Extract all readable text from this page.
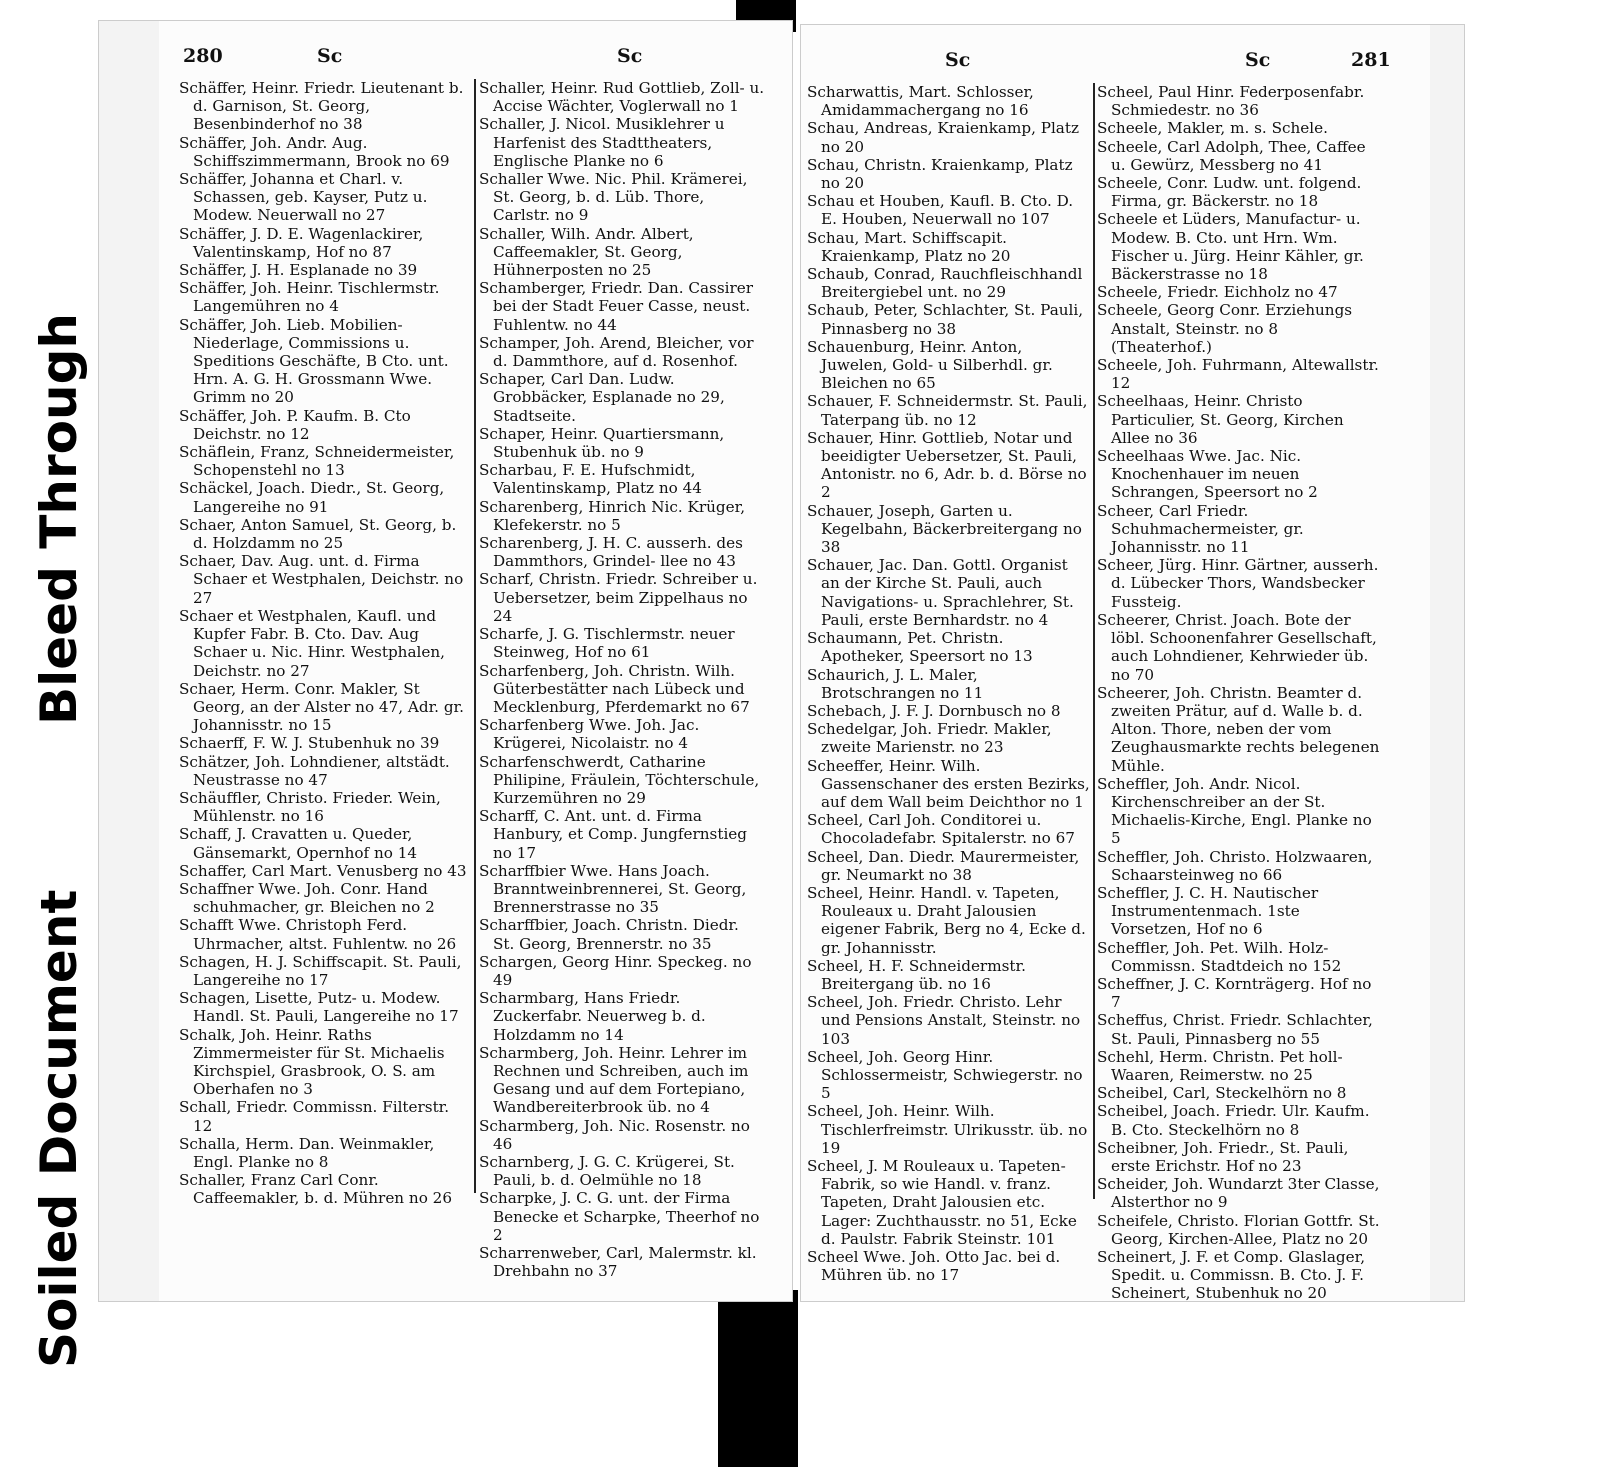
Soiled Document
Bleed Through
280	Sc	Sc

Schäffer, Heinr. Friedr. Lieutenant b. d. Garnison, St. Georg, Besenbinderhof no 38

Schäffer, Joh. Andr. Aug. Schiffszimmermann, Brook no 69

Schäffer, Johanna et Charl. v. Schassen, geb. Kayser, Putz u. Modew. Neuerwall no 27

Schäffer, J. D. E. Wagenlackirer, Valentinskamp, Hof no 87

Schäffer, J. H. Esplanade no 39

Schäffer, Joh. Heinr. Tischlermstr. Langemühren no 4

Schäffer, Joh. Lieb. Mobilien-Niederlage, Commissions u. Speditions Geschäfte, B Cto. unt. Hrn. A. G. H. Grossmann Wwe. Grimm no 20

Schäffer, Joh. P. Kaufm. B. Cto Deichstr. no 12

Schäflein, Franz, Schneidermeister, Schopenstehl no 13

Schäckel, Joach. Diedr., St. Georg, Langereihe no 91

Schaer, Anton Samuel, St. Georg, b. d. Holzdamm no 25

Schaer, Dav. Aug. unt. d. Firma Schaer et Westphalen, Deichstr. no 27

Schaer et Westphalen, Kaufl. und Kupfer Fabr. B. Cto. Dav. Aug Schaer u. Nic. Hinr. Westphalen, Deichstr. no 27

Schaer, Herm. Conr. Makler, St Georg, an der Alster no 47, Adr. gr. Johannisstr. no 15

Schaerff, F. W. J. Stubenhuk no 39

Schätzer, Joh. Lohndiener, altstädt. Neustrasse no 47

Schäuffler, Christo. Frieder. Wein, Mühlenstr. no 16

Schaff, J. Cravatten u. Queder, Gänsemarkt, Opernhof no 14

Schaffer, Carl Mart. Venusberg no 43

Schaffner Wwe. Joh. Conr. Hand schuhmacher, gr. Bleichen no 2

Schafft Wwe. Christoph Ferd. Uhrmacher, altst. Fuhlentw. no 26

Schagen, H. J. Schiffscapit. St. Pauli, Langereihe no 17

Schagen, Lisette, Putz- u. Modew. Handl. St. Pauli, Langereihe no 17

Schalk, Joh. Heinr. Raths Zimmermeister für St. Michaelis Kirchspiel, Grasbrook, O. S. am Oberhafen no 3

Schall, Friedr. Commissn. Filterstr. 12

Schalla, Herm. Dan. Weinmakler, Engl. Planke no 8

Schaller, Franz Carl Conr. Caffeemakler, b. d. Mühren no 26

Schaller, Heinr. Rud Gottlieb, Zoll- u. Accise Wächter, Voglerwall no 1

Schaller, J. Nicol. Musiklehrer u Harfenist des Stadttheaters, Englische Planke no 6

Schaller Wwe. Nic. Phil. Krämerei, St. Georg, b. d. Lüb. Thore, Carlstr. no 9

Schaller, Wilh. Andr. Albert, Caffeemakler, St. Georg, Hühnerposten no 25

Schamberger, Friedr. Dan. Cassirer bei der Stadt Feuer Casse, neust. Fuhlentw. no 44

Schamper, Joh. Arend, Bleicher, vor d. Dammthore, auf d. Rosenhof.

Schaper, Carl Dan. Ludw. Grobbäcker, Esplanade no 29, Stadtseite.

Schaper, Heinr. Quartiersmann, Stubenhuk üb. no 9

Scharbau, F. E. Hufschmidt, Valentinskamp, Platz no 44

Scharenberg, Hinrich Nic. Krüger, Klefekerstr. no 5

Scharenberg, J. H. C. ausserh. des Dammthors, Grindel- llee no 43

Scharf, Christn. Friedr. Schreiber u. Uebersetzer, beim Zippelhaus no 24

Scharfe, J. G. Tischlermstr. neuer Steinweg, Hof no 61

Scharfenberg, Joh. Christn. Wilh. Güterbestätter nach Lübeck und Mecklenburg, Pferdemarkt no 67

Scharfenberg Wwe. Joh. Jac. Krügerei, Nicolaistr. no 4

Scharfenschwerdt, Catharine Philipine, Fräulein, Töchterschule, Kurzemühren no 29

Scharff, C. Ant. unt. d. Firma Hanbury, et Comp. Jungfernstieg no 17

Scharffbier Wwe. Hans Joach. Branntweinbrennerei, St. Georg, Brennerstrasse no 35

Scharffbier, Joach. Christn. Diedr. St. Georg, Brennerstr. no 35

Schargen, Georg Hinr. Speckeg. no 49

Scharmbarg, Hans Friedr. Zuckerfabr. Neuerweg b. d. Holzdamm no 14

Scharmberg, Joh. Heinr. Lehrer im Rechnen und Schreiben, auch im Gesang und auf dem Fortepiano, Wandbereiterbrook üb. no 4

Scharmberg, Joh. Nic. Rosenstr. no 46

Scharnberg, J. G. C. Krügerei, St. Pauli, b. d. Oelmühle no 18

Scharpke, J. C. G. unt. der Firma Benecke et Scharpke, Theerhof no 2

Scharrenweber, Carl, Malermstr. kl. Drehbahn no 37

Sc	Sc	281

Scharwattis, Mart. Schlosser, Amidammachergang no 16

Schau, Andreas, Kraienkamp, Platz no 20

Schau, Christn. Kraienkamp, Platz no 20

Schau et Houben, Kaufl. B. Cto. D. E. Houben, Neuerwall no 107

Schau, Mart. Schiffscapit. Kraienkamp, Platz no 20

Schaub, Conrad, Rauchfleischhandl Breitergiebel unt. no 29

Schaub, Peter, Schlachter, St. Pauli, Pinnasberg no 38

Schauenburg, Heinr. Anton, Juwelen, Gold- u Silberhdl. gr. Bleichen no 65

Schauer, F. Schneidermstr. St. Pauli, Taterpang üb. no 12

Schauer, Hinr. Gottlieb, Notar und beeidigter Uebersetzer, St. Pauli, Antonistr. no 6, Adr. b. d. Börse no 2

Schauer, Joseph, Garten u. Kegelbahn, Bäckerbreitergang no 38

Schauer, Jac. Dan. Gottl. Organist an der Kirche St. Pauli, auch Navigations- u. Sprachlehrer, St. Pauli, erste Bernhardstr. no 4

Schaumann, Pet. Christn. Apotheker, Speersort no 13

Schaurich, J. L. Maler, Brotschrangen no 11

Schebach, J. F. J. Dornbusch no 8

Schedelgar, Joh. Friedr. Makler, zweite Marienstr. no 23

Scheeffer, Heinr. Wilh. Gassenschaner des ersten Bezirks, auf dem Wall beim Deichthor no 1

Scheel, Carl Joh. Conditorei u. Chocoladefabr. Spitalerstr. no 67

Scheel, Dan. Diedr. Maurermeister, gr. Neumarkt no 38

Scheel, Heinr. Handl. v. Tapeten, Rouleaux u. Draht Jalousien eigener Fabrik, Berg no 4, Ecke d. gr. Johannisstr.

Scheel, H. F. Schneidermstr. Breitergang üb. no 16

Scheel, Joh. Friedr. Christo. Lehr und Pensions Anstalt, Steinstr. no 103

Scheel, Joh. Georg Hinr. Schlossermeistr, Schwiegerstr. no 5

Scheel, Joh. Heinr. Wilh. Tischlerfreimstr. Ulrikusstr. üb. no 19

Scheel, J. M Rouleaux u. Tapeten-Fabrik, so wie Handl. v. franz. Tapeten, Draht Jalousien etc. Lager: Zuchthausstr. no 51, Ecke d. Paulstr. Fabrik Steinstr. 101

Scheel Wwe. Joh. Otto Jac. bei d. Mühren üb. no 17

Scheel, Paul Hinr. Federposenfabr. Schmiedestr. no 36

Scheele, Makler, m. s. Schele.

Scheele, Carl Adolph, Thee, Caffee u. Gewürz, Messberg no 41

Scheele, Conr. Ludw. unt. folgend. Firma, gr. Bäckerstr. no 18

Scheele et Lüders, Manufactur- u. Modew. B. Cto. unt Hrn. Wm. Fischer u. Jürg. Heinr Kähler, gr. Bäckerstrasse no 18

Scheele, Friedr. Eichholz no 47

Scheele, Georg Conr. Erziehungs Anstalt, Steinstr. no 8 (Theaterhof.)

Scheele, Joh. Fuhrmann, Altewallstr. 12

Scheelhaas, Heinr. Christo Particulier, St. Georg, Kirchen Allee no 36

Scheelhaas Wwe. Jac. Nic. Knochenhauer im neuen Schrangen, Speersort no 2

Scheer, Carl Friedr. Schuhmachermeister, gr. Johannisstr. no 11

Scheer, Jürg. Hinr. Gärtner, ausserh. d. Lübecker Thors, Wandsbecker Fussteig.

Scheerer, Christ. Joach. Bote der löbl. Schoonenfahrer Gesellschaft, auch Lohndiener, Kehrwieder üb. no 70

Scheerer, Joh. Christn. Beamter d. zweiten Prätur, auf d. Walle b. d. Alton. Thore, neben der vom Zeughausmarkte rechts belegenen Mühle.

Scheffler, Joh. Andr. Nicol. Kirchenschreiber an der St. Michaelis-Kirche, Engl. Planke no 5

Scheffler, Joh. Christo. Holzwaaren, Schaarsteinweg no 66

Scheffler, J. C. H. Nautischer Instrumentenmach. 1ste Vorsetzen, Hof no 6

Scheffler, Joh. Pet. Wilh. Holz-Commissn. Stadtdeich no 152

Scheffner, J. C. Kornträgerg. Hof no 7

Scheffus, Christ. Friedr. Schlachter, St. Pauli, Pinnasberg no 55

Schehl, Herm. Christn. Pet holl-Waaren, Reimerstw. no 25

Scheibel, Carl, Steckelhörn no 8

Scheibel, Joach. Friedr. Ulr. Kaufm. B. Cto. Steckelhörn no 8

Scheibner, Joh. Friedr., St. Pauli, erste Erichstr. Hof no 23

Scheider, Joh. Wundarzt 3ter Classe, Alsterthor no 9

Scheifele, Christo. Florian Gottfr. St. Georg, Kirchen-Allee, Platz no 20

Scheinert, J. F. et Comp. Glaslager, Spedit. u. Commissn. B. Cto. J. F. Scheinert, Stubenhuk no 20
